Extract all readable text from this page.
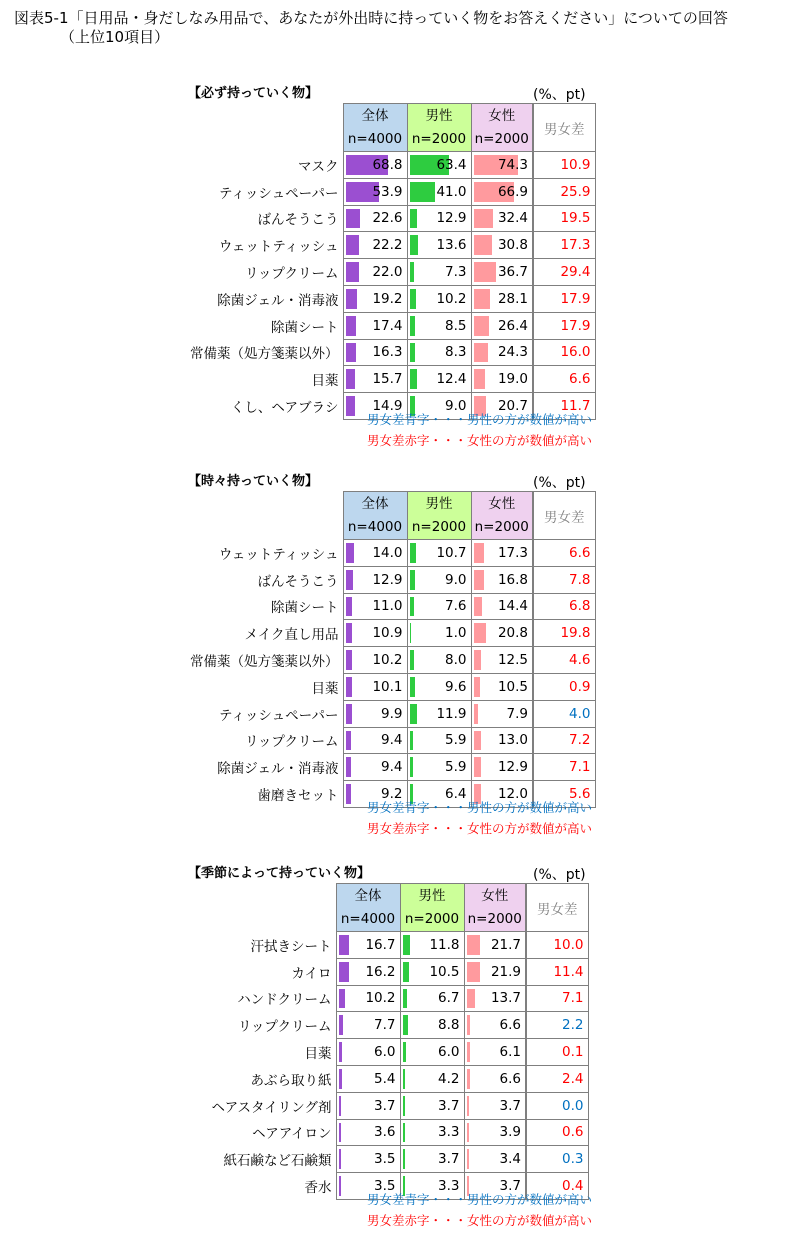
図表5-1「日用品・身だしなみ用品で、あなたが外出時に持っていく物をお答えください」についての回答
（上位10項目）
【必ず持っていく物】	(%、pt)
	全体	男性	女性	男女差
	n=4000	n=2000	n=2000	
マスク	68.8	63.4	74.3	10.9
ティッシュペーパー	53.9	41.0	66.9	25.9
ばんそうこう	22.6	12.9	32.4	19.5
ウェットティッシュ	22.2	13.6	30.8	17.3
リップクリーム	22.0	7.3	36.7	29.4
除菌ジェル・消毒液	19.2	10.2	28.1	17.9
除菌シート	17.4	8.5	26.4	17.9
常備薬（処方箋薬以外）	16.3	8.3	24.3	16.0
目薬	15.7	12.4	19.0	6.6
くし、ヘアブラシ	14.9	9.0	20.7	11.7
男女差青字・・・男性の方が数値が高い
男女差赤字・・・女性の方が数値が高い
【時々持っていく物】	(%、pt)
	全体	男性	女性	男女差
	n=4000	n=2000	n=2000	
ウェットティッシュ	14.0	10.7	17.3	6.6
ばんそうこう	12.9	9.0	16.8	7.8
除菌シート	11.0	7.6	14.4	6.8
メイク直し用品	10.9	1.0	20.8	19.8
常備薬（処方箋薬以外）	10.2	8.0	12.5	4.6
目薬	10.1	9.6	10.5	0.9
ティッシュペーパー	9.9	11.9	7.9	4.0
リップクリーム	9.4	5.9	13.0	7.2
除菌ジェル・消毒液	9.4	5.9	12.9	7.1
歯磨きセット	9.2	6.4	12.0	5.6
男女差青字・・・男性の方が数値が高い
男女差赤字・・・女性の方が数値が高い
【季節によって持っていく物】	(%、pt)
	全体	男性	女性	男女差
	n=4000	n=2000	n=2000	
汗拭きシート	16.7	11.8	21.7	10.0
カイロ	16.2	10.5	21.9	11.4
ハンドクリーム	10.2	6.7	13.7	7.1
リップクリーム	7.7	8.8	6.6	2.2
目薬	6.0	6.0	6.1	0.1
あぶら取り紙	5.4	4.2	6.6	2.4
ヘアスタイリング剤	3.7	3.7	3.7	0.0
ヘアアイロン	3.6	3.3	3.9	0.6
紙石鹸など石鹸類	3.5	3.7	3.4	0.3
香水	3.5	3.3	3.7	0.4
男女差青字・・・男性の方が数値が高い
男女差赤字・・・女性の方が数値が高い
